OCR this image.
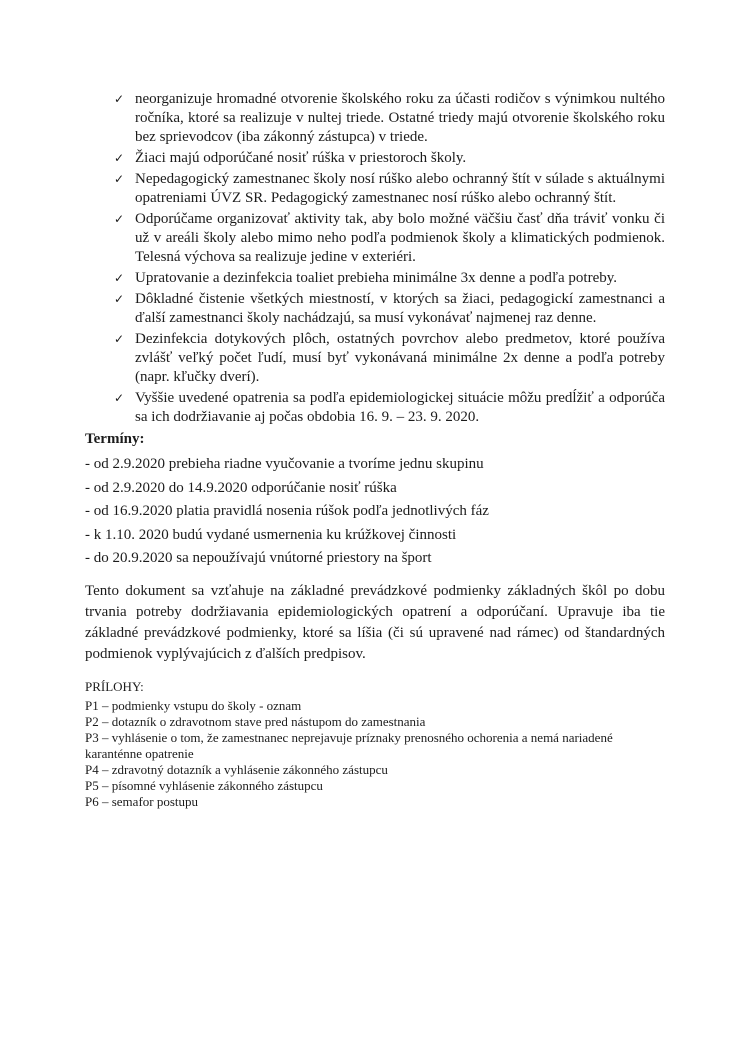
✓ neorganizuje hromadné otvorenie školského roku za účasti rodičov s výnimkou nultého ročníka, ktoré sa realizuje v nultej triede. Ostatné triedy majú otvorenie školského roku bez sprievodcov (iba zákonný zástupca) v triede.
✓ Žiaci majú odporúčané nosiť rúška v priestoroch školy.
✓ Nepedagogický zamestnanec školy nosí rúško alebo ochranný štít v súlade s aktuálnymi opatreniami ÚVZ SR. Pedagogický zamestnanec nosí rúško alebo ochranný štít.
✓ Odporúčame organizovať aktivity tak, aby bolo možné väčšiu časť dňa tráviť vonku či už v areáli školy alebo mimo neho podľa podmienok školy a klimatických podmienok. Telesná výchova sa realizuje jedine v exteriéri.
✓ Upratovanie a dezinfekcia toaliet prebieha minimálne 3x denne a podľa potreby.
✓ Dôkladné čistenie všetkých miestností, v ktorých sa žiaci, pedagogickí zamestnanci a ďalší zamestnanci školy nachádzajú, sa musí vykonávať najmenej raz denne.
✓ Dezinfekcia dotykových plôch, ostatných povrchov alebo predmetov, ktoré používa zvlášť veľký počet ľudí, musí byť vykonávaná minimálne 2x denne a podľa potreby (napr. kľučky dverí).
✓ Vyššie uvedené opatrenia sa podľa epidemiologickej situácie môžu predĺžiť a odporúča sa ich dodržiavanie aj počas obdobia 16. 9. – 23. 9. 2020.
Termíny:
- od 2.9.2020 prebieha riadne vyučovanie a tvoríme jednu skupinu
- od 2.9.2020 do 14.9.2020 odporúčanie nosiť rúška
- od 16.9.2020 platia pravidlá nosenia rúšok podľa jednotlivých fáz
- k 1.10. 2020 budú vydané usmernenia ku krúžkovej činnosti
- do 20.9.2020 sa nepoužívajú vnútorné priestory na šport
Tento dokument sa vzťahuje na základné prevádzkové podmienky základných škôl po dobu trvania potreby dodržiavania epidemiologických opatrení a odporúčaní. Upravuje iba tie základné prevádzkové podmienky, ktoré sa líšia (či sú upravené nad rámec) od štandardných podmienok vyplývajúcich z ďalších predpisov.
PRÍLOHY:
P1 – podmienky vstupu do školy - oznam
P2 – dotazník o zdravotnom stave pred nástupom do zamestnania
P3 – vyhlásenie o tom, že zamestnanec neprejavuje príznaky prenosného ochorenia a nemá nariadené karanténne opatrenie
P4 – zdravotný dotazník a vyhlásenie zákonného zástupcu
P5 – písomné vyhlásenie zákonného zástupcu
P6 – semafor postupu
